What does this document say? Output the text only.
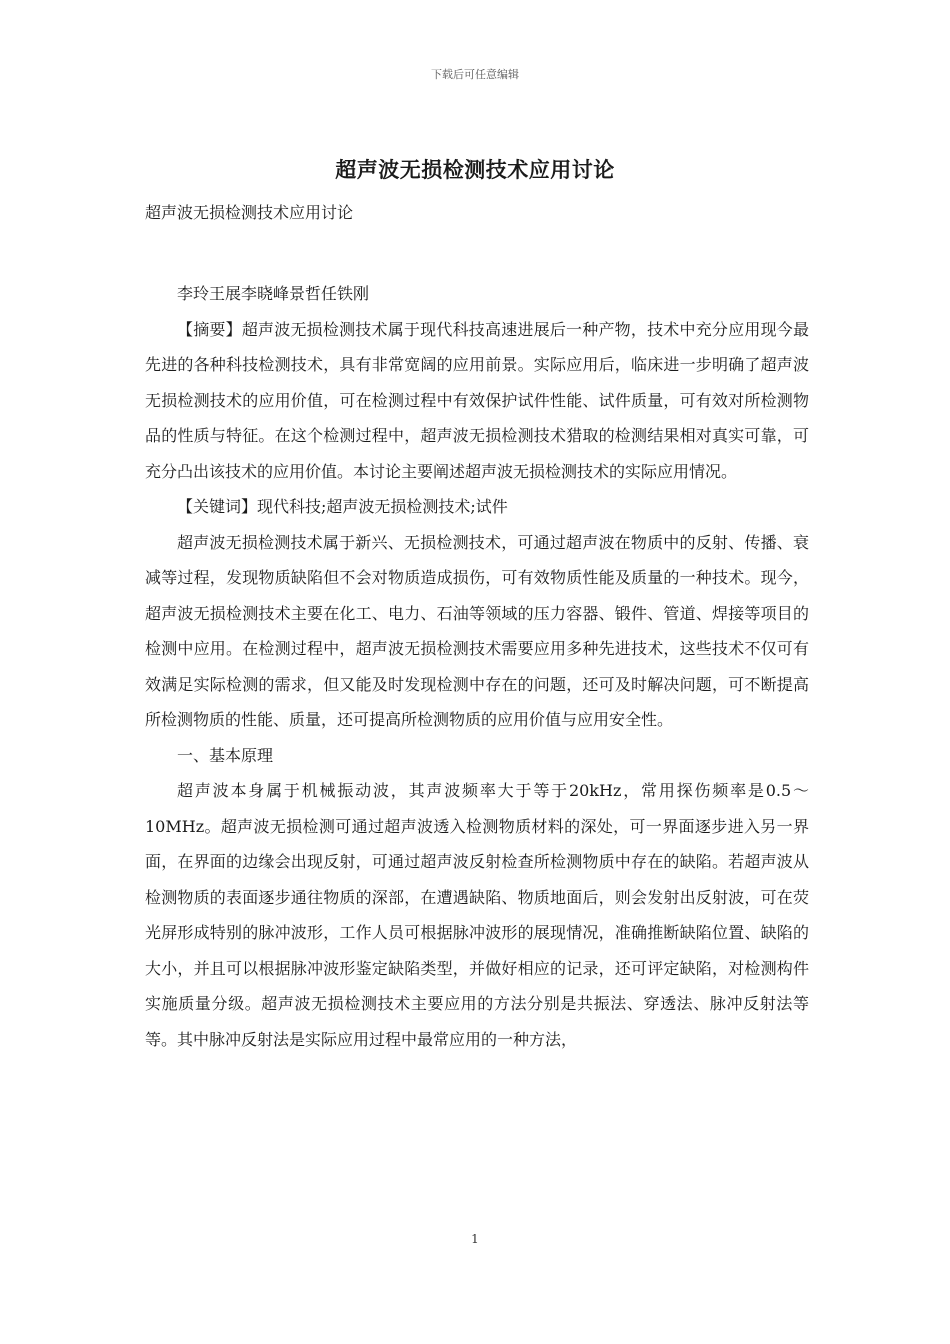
下载后可任意编辑
超声波无损检测技术应用讨论
超声波无损检测技术应用讨论

李玲王展李晓峰景哲任铁刚

【摘要】超声波无损检测技术属于现代科技高速进展后一种产物，技术中充分应用现今最先进的各种科技检测技术，具有非常宽阔的应用前景。实际应用后，临床进一步明确了超声波无损检测技术的应用价值，可在检测过程中有效保护试件性能、试件质量，可有效对所检测物品的性质与特征。在这个检测过程中，超声波无损检测技术猎取的检测结果相对真实可靠，可充分凸出该技术的应用价值。本讨论主要阐述超声波无损检测技术的实际应用情况。

【关键词】现代科技;超声波无损检测技术;试件

超声波无损检测技术属于新兴、无损检测技术，可通过超声波在物质中的反射、传播、衰减等过程，发现物质缺陷但不会对物质造成损伤，可有效物质性能及质量的一种技术。现今，超声波无损检测技术主要在化工、电力、石油等领域的压力容器、锻件、管道、焊接等项目的检测中应用。在检测过程中，超声波无损检测技术需要应用多种先进技术，这些技术不仅可有效满足实际检测的需求，但又能及时发现检测中存在的问题，还可及时解决问题，可不断提高所检测物质的性能、质量，还可提高所检测物质的应用价值与应用安全性。

一、基本原理

超声波本身属于机械振动波，其声波频率大于等于20kHz，常用探伤频率是0.5～10MHz。超声波无损检测可通过超声波透入检测物质材料的深处，可一界面逐步进入另一界面，在界面的边缘会出现反射，可通过超声波反射检查所检测物质中存在的缺陷。若超声波从检测物质的表面逐步通往物质的深部，在遭遇缺陷、物质地面后，则会发射出反射波，可在荧光屏形成特别的脉冲波形，工作人员可根据脉冲波形的展现情况，准确推断缺陷位置、缺陷的大小，并且可以根据脉冲波形鉴定缺陷类型，并做好相应的记录，还可评定缺陷，对检测构件实施质量分级。超声波无损检测技术主要应用的方法分别是共振法、穿透法、脉冲反射法等等。其中脉冲反射法是实际应用过程中最常应用的一种方法，

1
